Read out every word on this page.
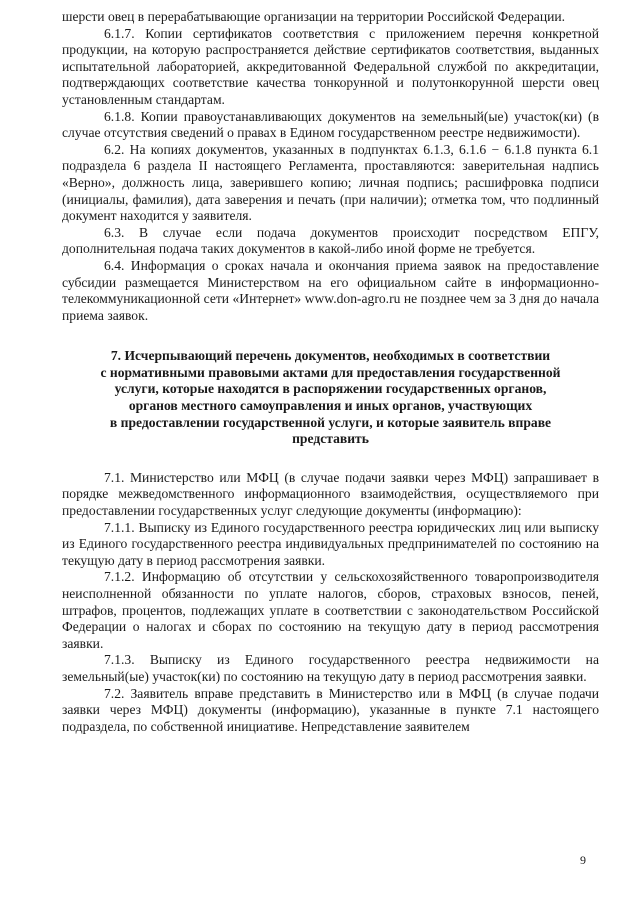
шерсти овец в перерабатывающие организации на территории Российской Федерации.

6.1.7. Копии сертификатов соответствия с приложением перечня конкретной продукции, на которую распространяется действие сертификатов соответствия, выданных испытательной лабораторией, аккредитованной Федеральной службой по аккредитации, подтверждающих соответствие качества тонкорунной и полутонкорунной шерсти овец установленным стандартам.

6.1.8. Копии правоустанавливающих документов на земельный(ые) участок(ки) (в случае отсутствия сведений о правах в Едином государственном реестре недвижимости).

6.2. На копиях документов, указанных в подпунктах 6.1.3, 6.1.6 − 6.1.8 пункта 6.1 подраздела 6 раздела II настоящего Регламента, проставляются: заверительная надпись «Верно», должность лица, заверившего копию; личная подпись; расшифровка подписи (инициалы, фамилия), дата заверения и печать (при наличии); отметка том, что подлинный документ находится у заявителя.

6.3. В случае если подача документов происходит посредством ЕПГУ, дополнительная подача таких документов в какой-либо иной форме не требуется.

6.4. Информация о сроках начала и окончания приема заявок на предоставление субсидии размещается Министерством на его официальном сайте в информационно-телекоммуникационной сети «Интернет» www.don-agro.ru не позднее чем за 3 дня до начала приема заявок.

7. Исчерпывающий перечень документов, необходимых в соответствии
с нормативными правовыми актами для предоставления государственной
услуги, которые находятся в распоряжении государственных органов,
органов местного самоуправления и иных органов, участвующих
в предоставлении государственной услуги, и которые заявитель вправе
представить

7.1. Министерство или МФЦ (в случае подачи заявки через МФЦ) запрашивает в порядке межведомственного информационного взаимодействия, осуществляемого при предоставлении государственных услуг следующие документы (информацию):

7.1.1. Выписку из Единого государственного реестра юридических лиц или выписку из Единого государственного реестра индивидуальных предпринимателей по состоянию на текущую дату в период рассмотрения заявки.

7.1.2. Информацию об отсутствии у сельскохозяйственного товаропроизводителя неисполненной обязанности по уплате налогов, сборов, страховых взносов, пеней, штрафов, процентов, подлежащих уплате в соответствии с законодательством Российской Федерации о налогах и сборах по состоянию на текущую дату в период рассмотрения заявки.

7.1.3. Выписку из Единого государственного реестра недвижимости на земельный(ые) участок(ки) по состоянию на текущую дату в период рассмотрения заявки.

7.2. Заявитель вправе представить в Министерство или в МФЦ (в случае подачи заявки через МФЦ) документы (информацию), указанные в пункте 7.1 настоящего подраздела, по собственной инициативе. Непредставление заявителем

9
